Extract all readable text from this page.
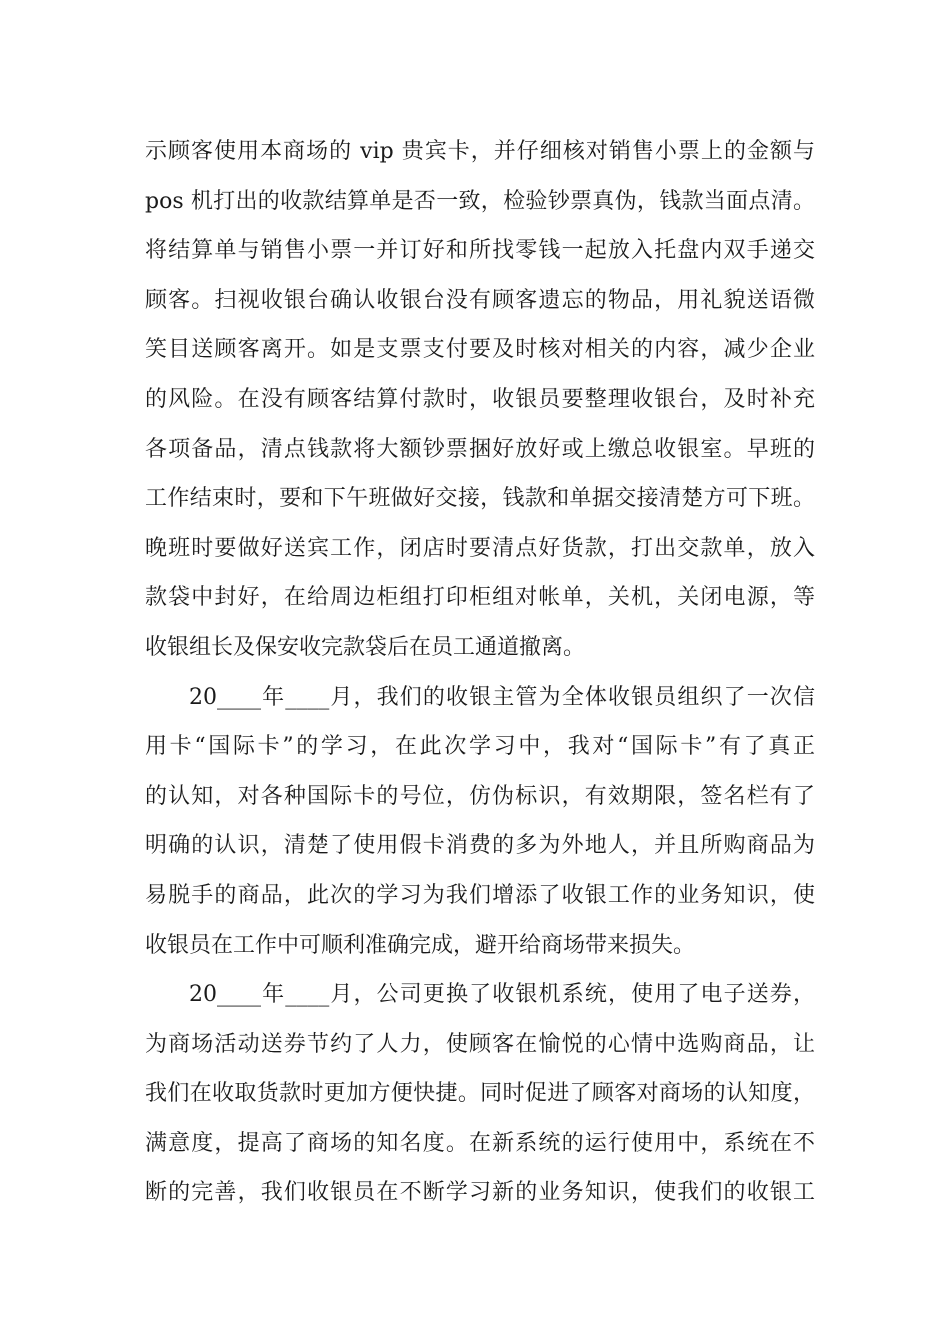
示顾客使用本商场的 vip 贵宾卡，并仔细核对销售小票上的金额与
pos 机打出的收款结算单是否一致，检验钞票真伪，钱款当面点清。
将结算单与销售小票一并订好和所找零钱一起放入托盘内双手递交
顾客。扫视收银台确认收银台没有顾客遗忘的物品，用礼貌送语微
笑目送顾客离开。如是支票支付要及时核对相关的内容，减少企业
的风险。在没有顾客结算付款时，收银员要整理收银台，及时补充
各项备品，清点钱款将大额钞票捆好放好或上缴总收银室。早班的
工作结束时，要和下午班做好交接，钱款和单据交接清楚方可下班。
晚班时要做好送宾工作，闭店时要清点好货款，打出交款单，放入
款袋中封好，在给周边柜组打印柜组对帐单，关机，关闭电源，等
收银组长及保安收完款袋后在员工通道撤离。
20____年____月，我们的收银主管为全体收银员组织了一次信
用卡“国际卡”的学习，在此次学习中，我对“国际卡”有了真正
的认知，对各种国际卡的号位，仿伪标识，有效期限，签名栏有了
明确的认识，清楚了使用假卡消费的多为外地人，并且所购商品为
易脱手的商品，此次的学习为我们增添了收银工作的业务知识，使
收银员在工作中可顺利准确完成，避开给商场带来损失。
20____年____月，公司更换了收银机系统，使用了电子送券，
为商场活动送券节约了人力，使顾客在愉悦的心情中选购商品，让
我们在收取货款时更加方便快捷。同时促进了顾客对商场的认知度，
满意度，提高了商场的知名度。在新系统的运行使用中，系统在不
断的完善，我们收银员在不断学习新的业务知识，使我们的收银工
